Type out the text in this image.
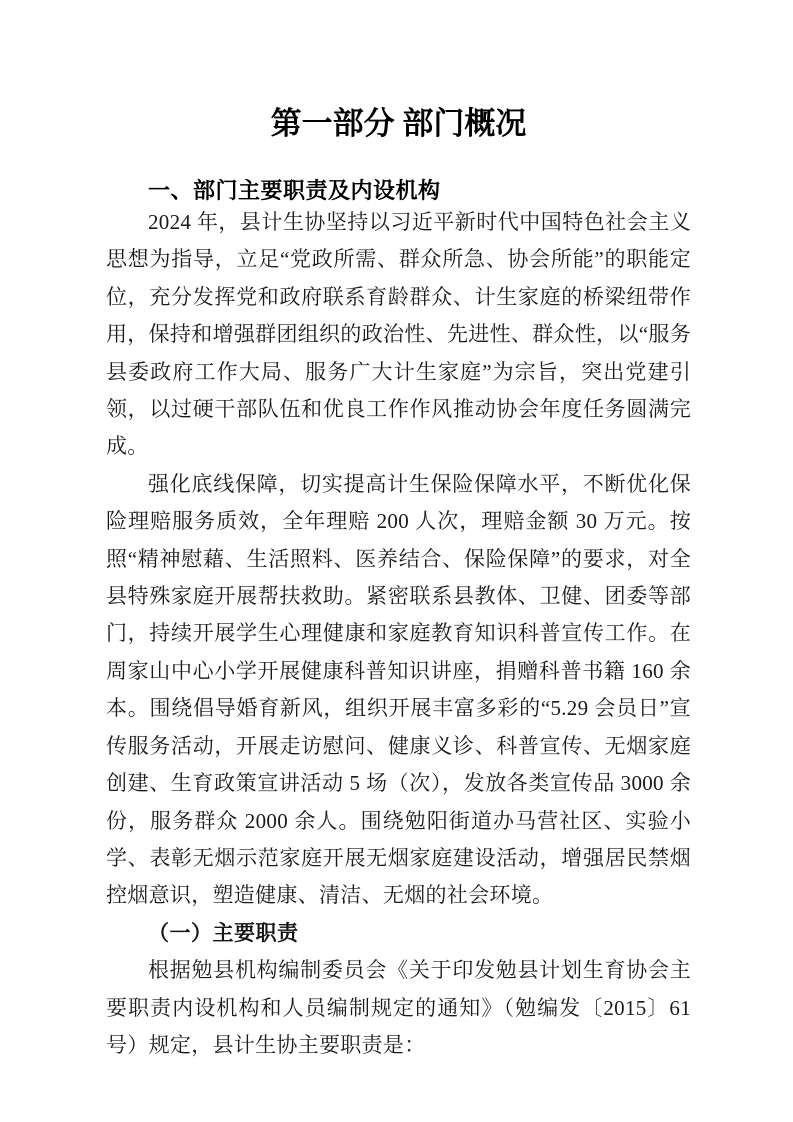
第一部分 部门概况
一、部门主要职责及内设机构

2024 年，县计生协坚持以习近平新时代中国特色社会主义思想为指导，立足“党政所需、群众所急、协会所能”的职能定位，充分发挥党和政府联系育龄群众、计生家庭的桥梁纽带作用，保持和增强群团组织的政治性、先进性、群众性，以“服务县委政府工作大局、服务广大计生家庭”为宗旨，突出党建引领，以过硬干部队伍和优良工作作风推动协会年度任务圆满完成。

强化底线保障，切实提高计生保险保障水平，不断优化保险理赔服务质效，全年理赔 200 人次，理赔金额 30 万元。按照“精神慰藉、生活照料、医养结合、保险保障”的要求，对全县特殊家庭开展帮扶救助。紧密联系县教体、卫健、团委等部门，持续开展学生心理健康和家庭教育知识科普宣传工作。在周家山中心小学开展健康科普知识讲座，捐赠科普书籍 160 余本。围绕倡导婚育新风，组织开展丰富多彩的“5.29 会员日”宣传服务活动，开展走访慰问、健康义诊、科普宣传、无烟家庭创建、生育政策宣讲活动 5 场（次），发放各类宣传品 3000 余份，服务群众 2000 余人。围绕勉阳街道办马营社区、实验小学、表彰无烟示范家庭开展无烟家庭建设活动，增强居民禁烟控烟意识，塑造健康、清洁、无烟的社会环境。

（一）主要职责

根据勉县机构编制委员会《关于印发勉县计划生育协会主要职责内设机构和人员编制规定的通知》（勉编发〔2015〕61 号）规定，县计生协主要职责是：
